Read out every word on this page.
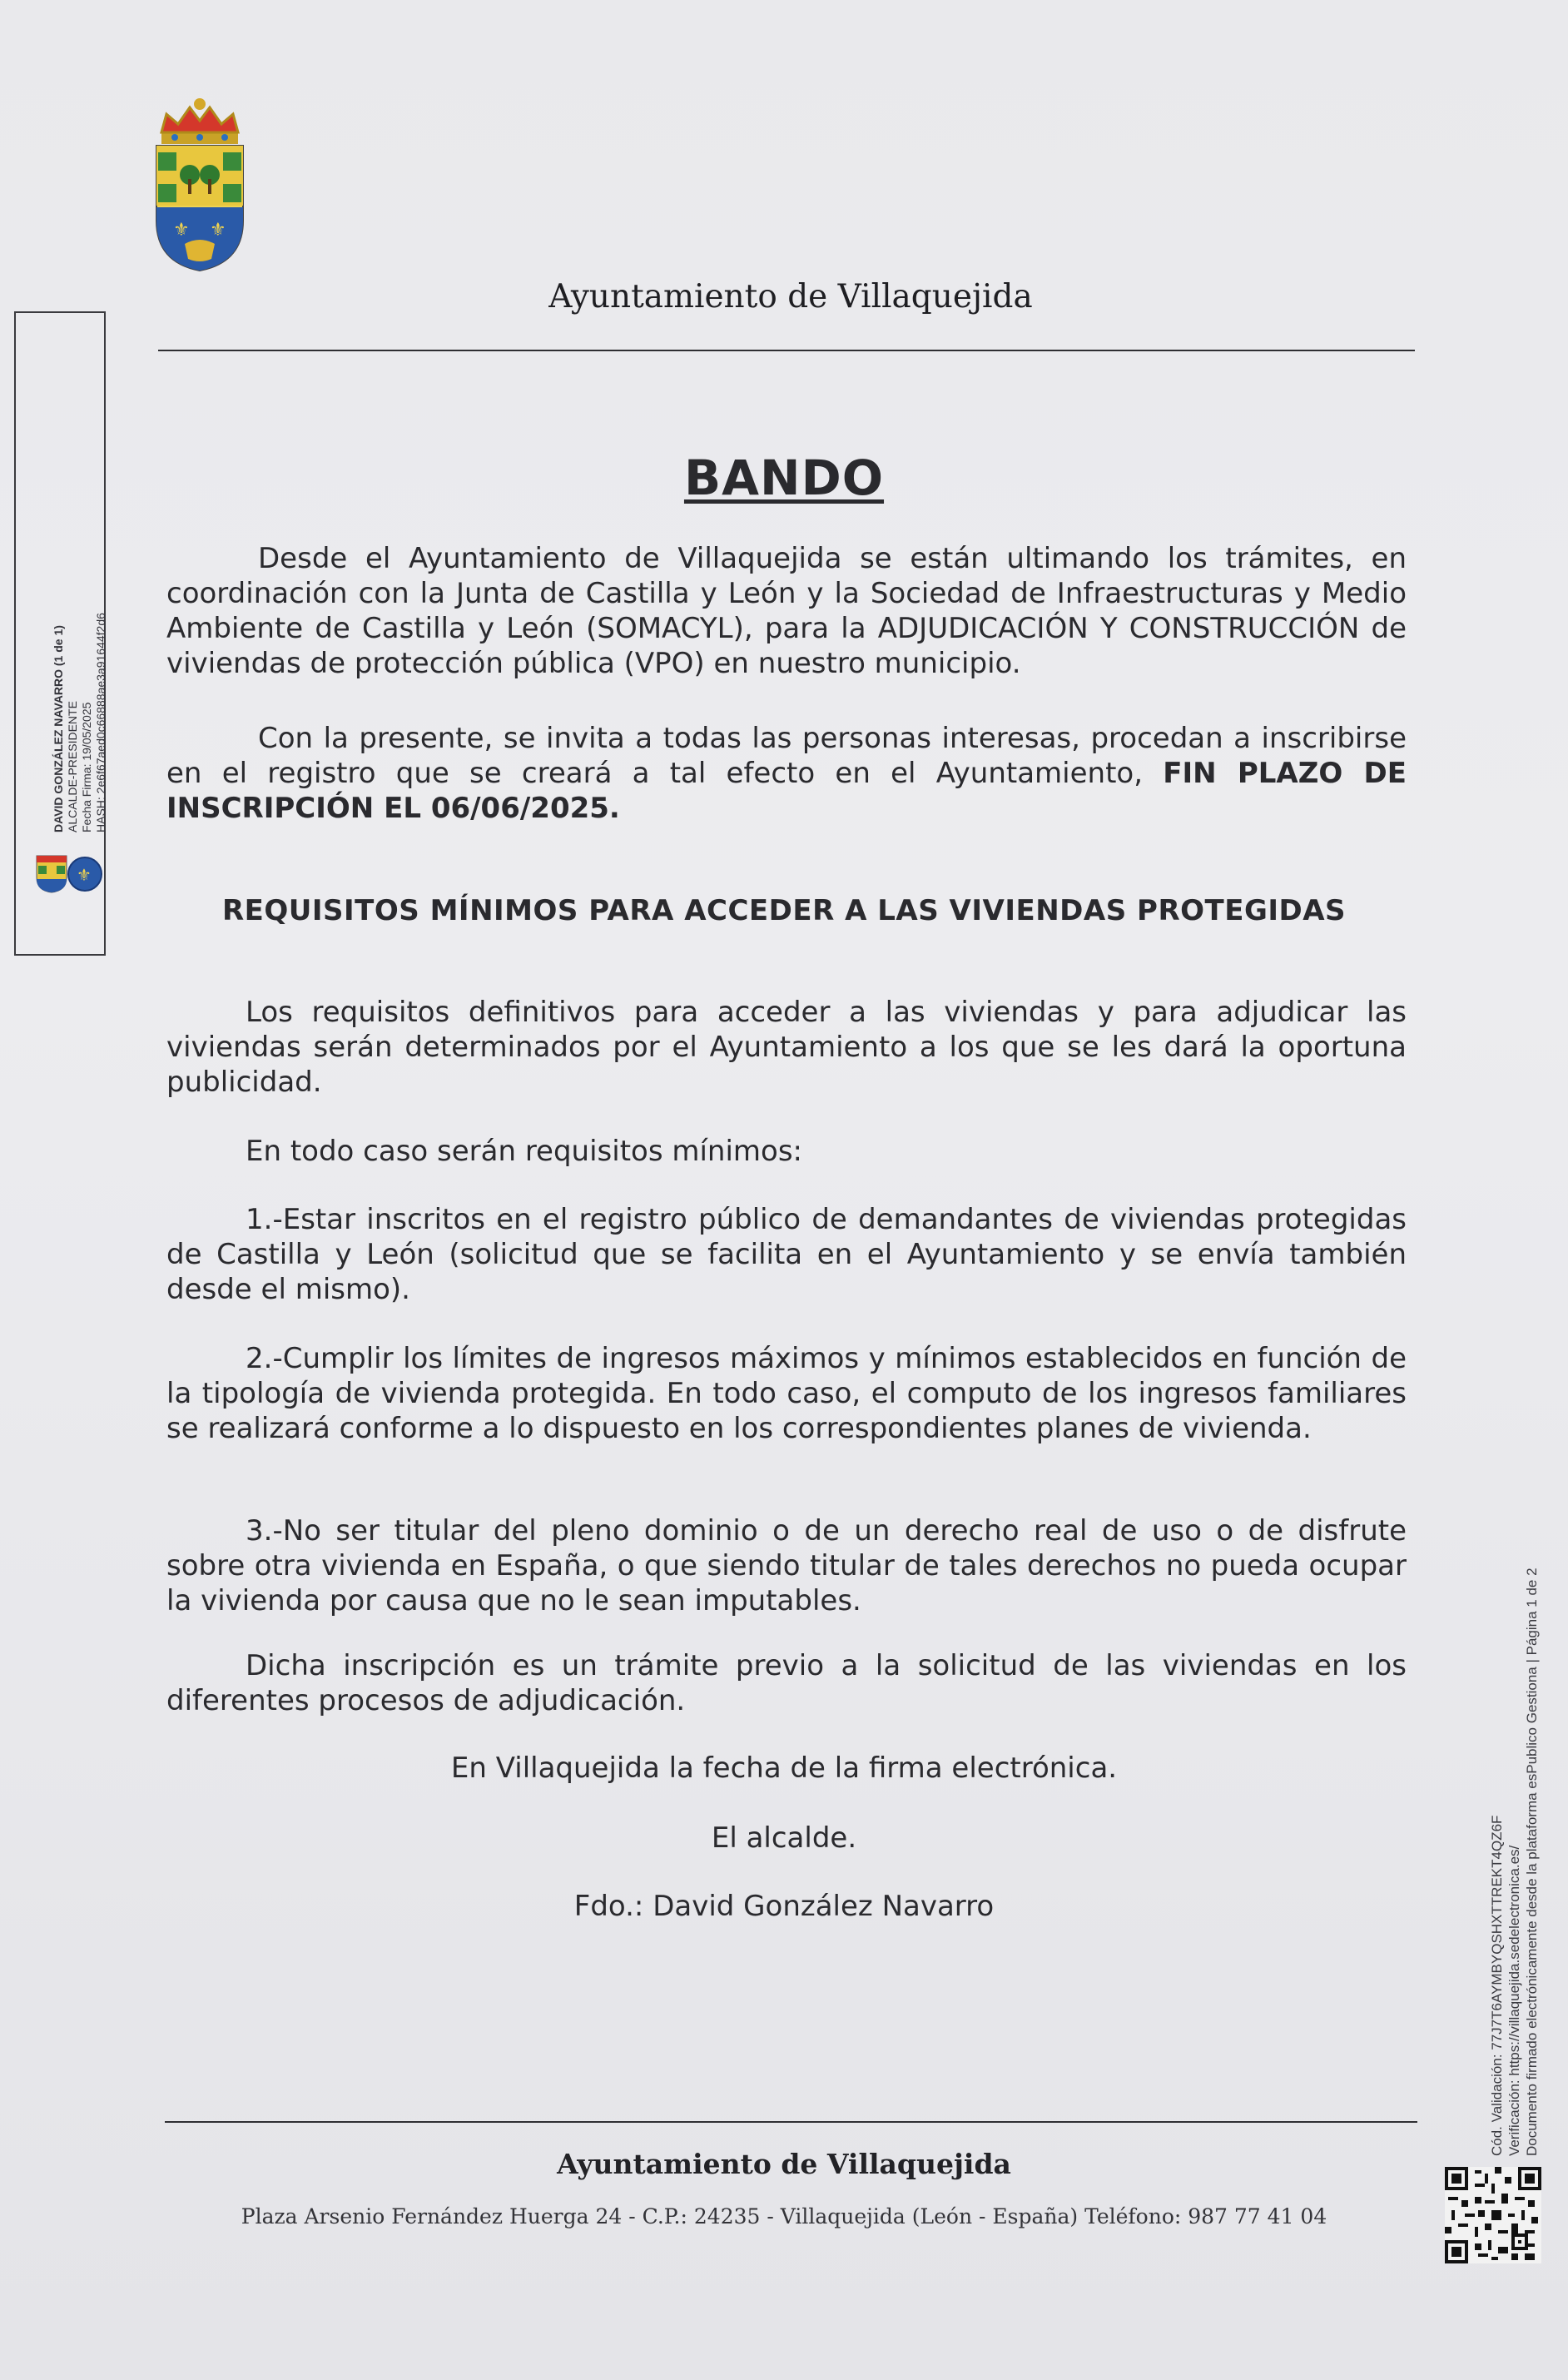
⚜ ⚜
Ayuntamiento de Villaquejida
DAVID GONZÁLEZ NAVARRO (1 de 1) ALCALDE-PRESIDENTE Fecha Firma: 19/05/2025 HASH: 2e6f67aed0c66888ae3a91644f2d6
⚜
Cód. Validación: 77J7T6AYMBYQSHXTTREKT4QZ6F Verificación: https://villaquejida.sedelectronica.es/ Documento firmado electrónicamente desde la plataforma esPublico Gestiona | Página 1 de 2
BANDO

Desde el Ayuntamiento de Villaquejida se están ultimando los trámites, en coordinación con la Junta de Castilla y León y la Sociedad de Infraestructuras y Medio Ambiente de Castilla y León (SOMACYL), para la ADJUDICACIÓN Y CONSTRUCCIÓN de viviendas de protección pública (VPO) en nuestro municipio.

Con la presente, se invita a todas las personas interesas, procedan a inscribirse en el registro que se creará a tal efecto en el Ayuntamiento, FIN PLAZO DE INSCRIPCIÓN EL 06/06/2025.

REQUISITOS MÍNIMOS PARA ACCEDER A LAS VIVIENDAS PROTEGIDAS

Los requisitos definitivos para acceder a las viviendas y para adjudicar las viviendas serán determinados por el Ayuntamiento a los que se les dará la oportuna publicidad.

En todo caso serán requisitos mínimos:

1.-Estar inscritos en el registro público de demandantes de viviendas protegidas de Castilla y León (solicitud que se facilita en el Ayuntamiento y se envía también desde el mismo).

2.-Cumplir los límites de ingresos máximos y mínimos establecidos en función de la tipología de vivienda protegida. En todo caso, el computo de los ingresos familiares se realizará conforme a lo dispuesto en los correspondientes planes de vivienda.

3.-No ser titular del pleno dominio o de un derecho real de uso o de disfrute sobre otra vivienda en España, o que siendo titular de tales derechos no pueda ocupar la vivienda por causa que no le sean imputables.

Dicha inscripción es un trámite previo a la solicitud de las viviendas en los diferentes procesos de adjudicación.

En Villaquejida la fecha de la firma electrónica.
El alcalde.
Fdo.: David González Navarro
Ayuntamiento de Villaquejida
Plaza Arsenio Fernández Huerga 24 - C.P.: 24235 - Villaquejida (León - España) Teléfono: 987 77 41 04
